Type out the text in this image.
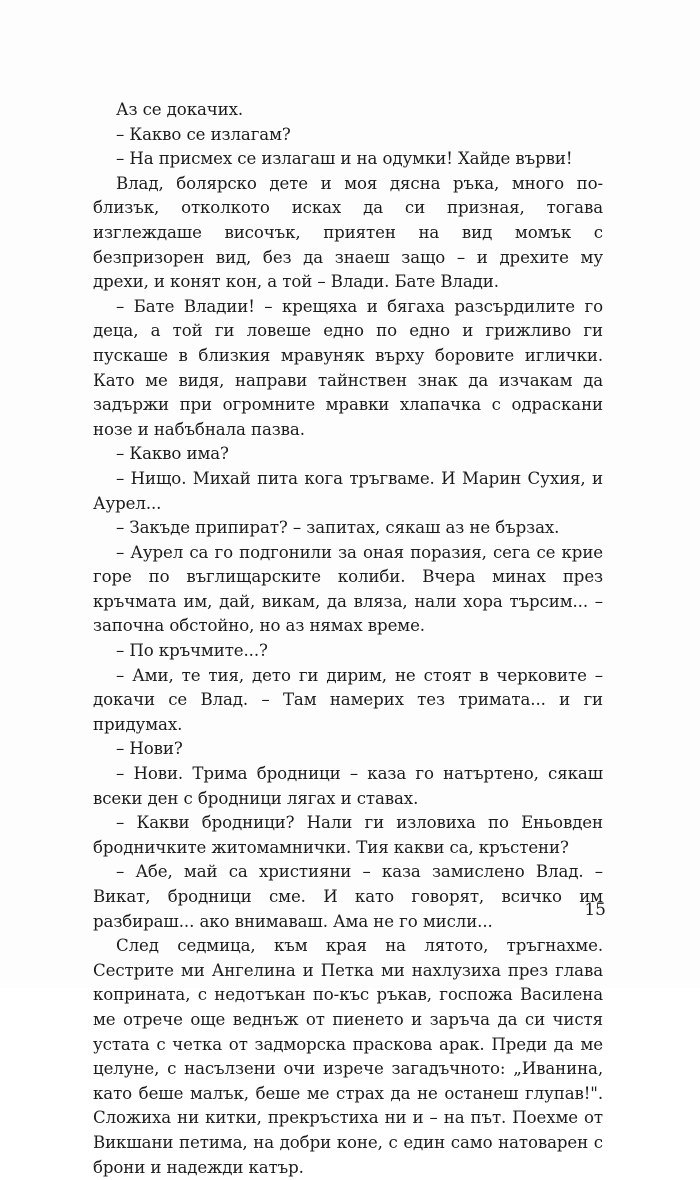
Аз се докачих.

– Какво се излагам?

– На присмех се излагаш и на одумки! Хайде върви!

Влад, болярско дете и моя дясна ръка, много по-близък, отколкото исках да си призная, тогава изглеждаше височък, приятен на вид момък с безпризорен вид, без да знаеш защо – и дрехите му дрехи, и конят кон, а той – Влади. Бате Влади.

– Бате Владии! – крещяха и бягаха разсърдилите го деца, а той ги ловеше едно по едно и грижливо ги пускаше в близкия мравуняк върху боровите иглички. Като ме видя, направи тайнствен знак да изчакам да задържи при огромните мравки хлапачка с одраскани нозе и набъбнала пазва.

– Какво има?

– Нищо. Михай пита кога тръгваме. И Марин Сухия, и Аурел...

– Закъде припират? – запитах, сякаш аз не бързах.

– Аурел са го подгонили за оная поразия, сега се крие горе по въглищарските колиби. Вчера минах през кръчмата им, дай, викам, да вляза, нали хора търсим... – започна обстойно, но аз нямах време.

– По кръчмите...?

– Ами, те тия, дето ги дирим, не стоят в черковите – докачи се Влад. – Там намерих тез тримата... и ги придумах.

– Нови?

– Нови. Трима бродници – каза го натъртено, сякаш всеки ден с бродници лягах и ставах.

– Какви бродници? Нали ги изловиха по Еньовден бродничките житомамнички. Тия какви са, кръстени?

– Абе, май са християни – каза замислено Влад. – Викат, бродници сме. И като говорят, всичко им разбираш... ако внимаваш. Ама не го мисли...

След седмица, към края на лятото, тръгнахме. Сестрите ми Ангелина и Петка ми нахлузиха през глава коприната, с недотъкан по-къс ръкав, госпожа Василена ме отрече още веднъж от пиенето и заръча да си чистя устата с четка от задморска праскова арак. Преди да ме целуне, с насълзени очи изрече загадъчното: „Иванина, като беше малък, беше ме страх да не останеш глупав!". Сложиха ни китки, прекръстиха ни и – на път. Поехме от Викшани петима, на добри коне, с един само натоварен с брони и надежди катър.

15
